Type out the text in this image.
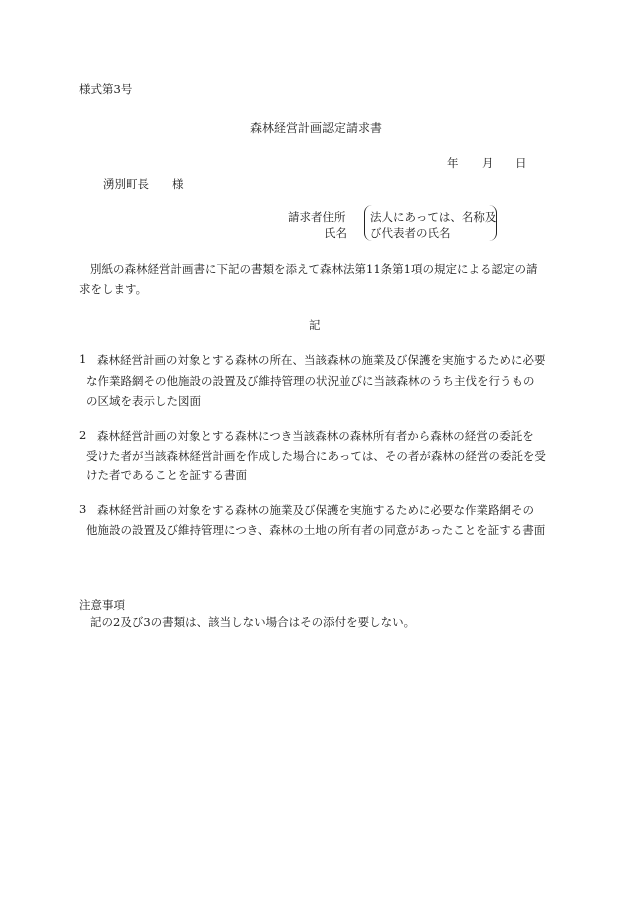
様式第3号
森林経営計画認定請求書
年 月 日
湧別町長 様
請求者住所
氏名
法人にあっては、名称及
び代表者の氏名
別紙の森林経営計画書に下記の書類を添えて森林法第11条第1項の規定による認定の請
求をします。
記
1 森林経営計画の対象とする森林の所在、当該森林の施業及び保護を実施するために必要
な作業路網その他施設の設置及び維持管理の状況並びに当該森林のうち主伐を行うもの
の区域を表示した図面
2 森林経営計画の対象とする森林につき当該森林の森林所有者から森林の経営の委託を
受けた者が当該森林経営計画を作成した場合にあっては、その者が森林の経営の委託を受
けた者であることを証する書面
3 森林経営計画の対象をする森林の施業及び保護を実施するために必要な作業路網その
他施設の設置及び維持管理につき、森林の土地の所有者の同意があったことを証する書面
注意事項
記の2及び3の書類は、該当しない場合はその添付を要しない。
